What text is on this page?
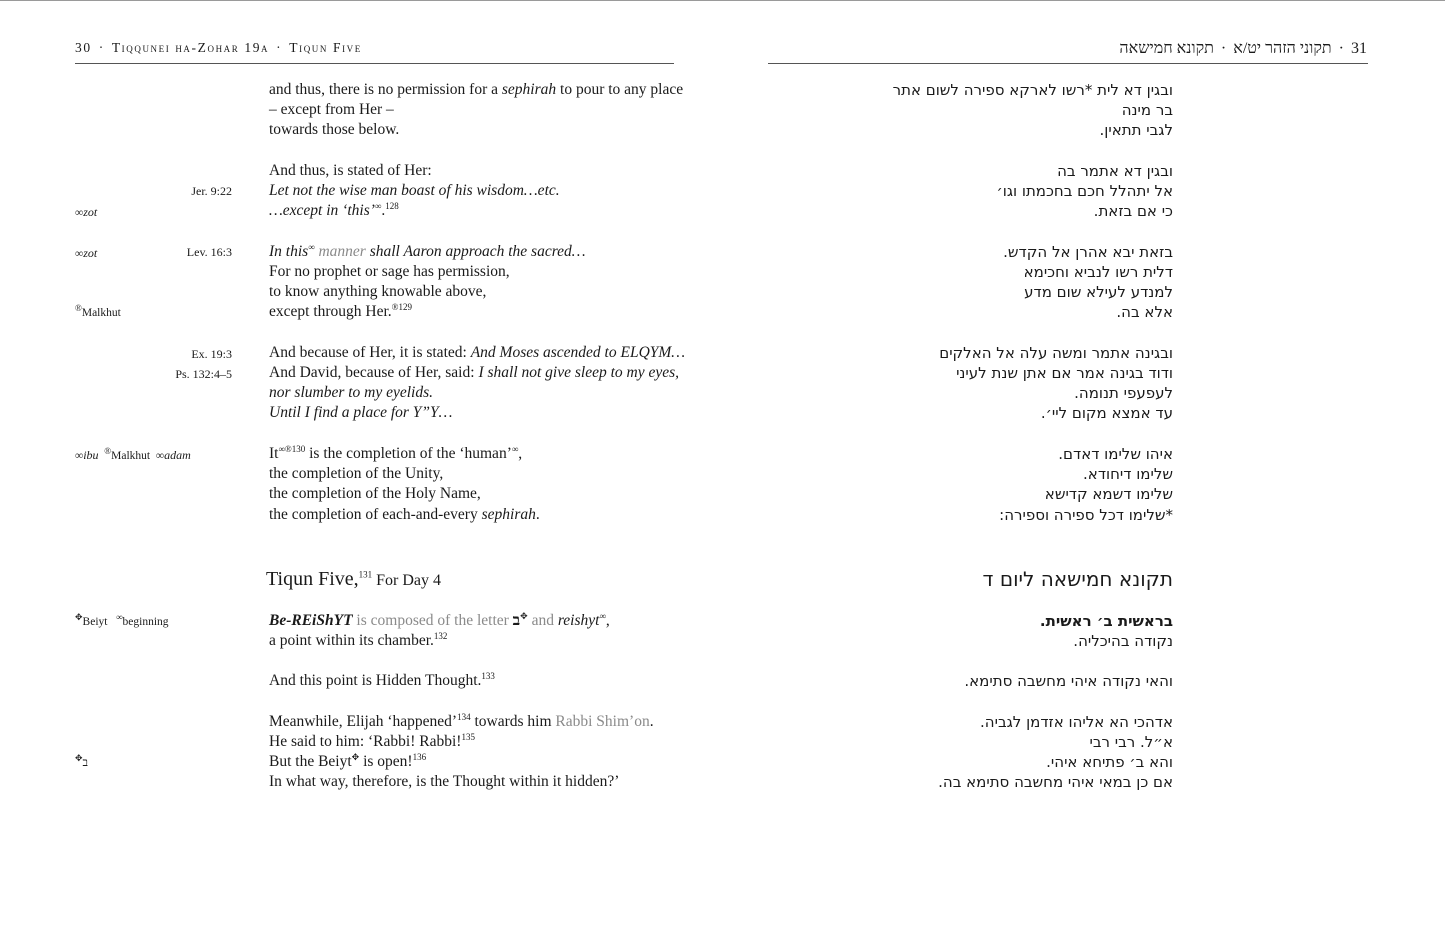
30 · Tiqqunei ha-Zohar 19a · Tiqun Five
and thus, there is no permission for a sephirah to pour to any place
– except from Her –
towards those below.
And thus, is stated of Her:
Jer. 9:22 Let not the wise man boast of his wisdom…etc.
∞zot	…except in ‘this’∞.$^{128}$
∞zot	Lev. 16:3 In this∞ manner shall Aaron approach the sacred…
For no prophet or sage has permission,
to know anything knowable above,
®Malkhut	except through Her.$^{®129}$
Ex. 19:3 And because of Her, it is stated: And Moses ascended to ELQYM…
Ps. 132:4–5 And David, because of Her, said: I shall not give sleep to my eyes,
nor slumber to my eyelids.
Until I find a place for Y”Y…
∞ibu ®Malkhut ∞adam	$It^{\infty®130}$ is the completion of the ‘human’∞,
the completion of the Unity,
the completion of the Holy Name,
the completion of each-and-every sephirah.
Tiqun Five,$^{131}$ For Day 4
✥Beiyt ∞beginning	Be-REiShYT is composed of the letter ב✥ and reishyt∞,
a point within its chamber.$^{132}$
And this point is Hidden Thought.$^{133}$
Meanwhile, Elijah ‘happened’$^{134}$ towards him Rabbi Shim’on.
He said to him: ‘Rabbi! Rabbi!$^{135}$
✥ב	But the Beiyt✥ is open!$^{136}$
In what way, therefore, is the Thought within it hidden?’
31·תקוני הזהר יט/א·תקונא חמישאה
ובגין דא לית *רשו לארקא ספירה לשום אתר
בר מינה
לגבי תתאין.
ובגין דא אתמר בה
אל יתהלל חכם בחכמתו וגו׳
כי אם בזאת.
בזאת יבא אהרן אל הקדש.
דלית רשו לנביא וחכימא
למנדע לעילא שום מדע
אלא בה.
ובגינה אתמר ומשה עלה אל האלקים
ודוד בגינה אמר אם אתן שנת לעיני
לעפעפי תנומה.
עד אמצא מקום ליי׳.
איהו שלימו דאדם.
שלימו דיחודא.
שלימו דשמא קדישא
*שלימו דכל ספירה וספירה:
תקונא חמישאה ליום ד
בראשית ב׳ ראשית.
נקודה בהיכליה.
והאי נקודה איהי מחשבה סתימא.
אדהכי הא אליהו אזדמן לגביה.
א״ל. רבי רבי
והא ב׳ פתיחא איהי.
אם כן במאי איהי מחשבה סתימא בה.
